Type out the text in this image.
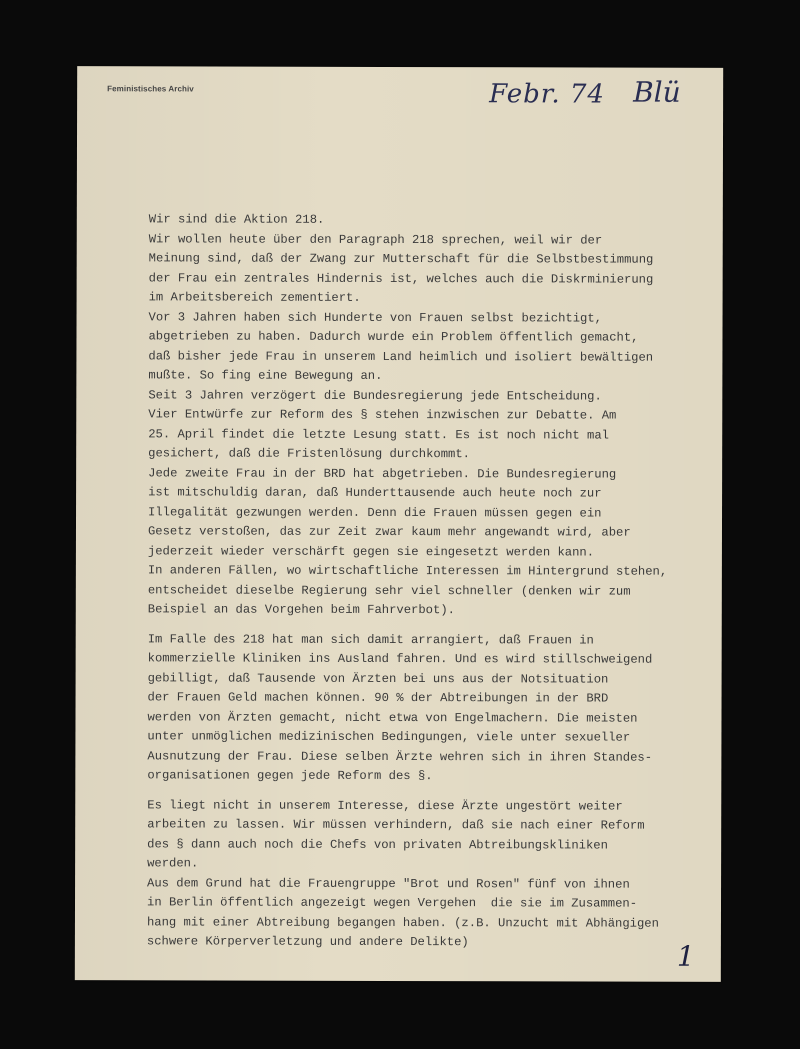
Feministisches Archiv	Febr. 74 Blü
Wir sind die Aktion 218.
Wir wollen heute über den Paragraph 218 sprechen, weil wir der
Meinung sind, daß der Zwang zur Mutterschaft für die Selbstbestimmung
der Frau ein zentrales Hindernis ist, welches auch die Diskrminierung
im Arbeitsbereich zementiert.
Vor 3 Jahren haben sich Hunderte von Frauen selbst bezichtigt,
abgetrieben zu haben. Dadurch wurde ein Problem öffentlich gemacht,
daß bisher jede Frau in unserem Land heimlich und isoliert bewältigen
mußte. So fing eine Bewegung an.
Seit 3 Jahren verzögert die Bundesregierung jede Entscheidung.
Vier Entwürfe zur Reform des § stehen inzwischen zur Debatte. Am
25. April findet die letzte Lesung statt. Es ist noch nicht mal
gesichert, daß die Fristenlösung durchkommt.
Jede zweite Frau in der BRD hat abgetrieben. Die Bundesregierung
ist mitschuldig daran, daß Hunderttausende auch heute noch zur
Illegalität gezwungen werden. Denn die Frauen müssen gegen ein
Gesetz verstoßen, das zur Zeit zwar kaum mehr angewandt wird, aber
jederzeit wieder verschärft gegen sie eingesetzt werden kann.
In anderen Fällen, wo wirtschaftliche Interessen im Hintergrund stehen,
entscheidet dieselbe Regierung sehr viel schneller (denken wir zum
Beispiel an das Vorgehen beim Fahrverbot).
Im Falle des 218 hat man sich damit arrangiert, daß Frauen in
kommerzielle Kliniken ins Ausland fahren. Und es wird stillschweigend
gebilligt, daß Tausende von Ärzten bei uns aus der Notsituation
der Frauen Geld machen können. 90 % der Abtreibungen in der BRD
werden von Ärzten gemacht, nicht etwa von Engelmachern. Die meisten
unter unmöglichen medizinischen Bedingungen, viele unter sexueller
Ausnutzung der Frau. Diese selben Ärzte wehren sich in ihren Standes-
organisationen gegen jede Reform des §.
Es liegt nicht in unserem Interesse, diese Ärzte ungestört weiter
arbeiten zu lassen. Wir müssen verhindern, daß sie nach einer Reform
des § dann auch noch die Chefs von privaten Abtreibungskliniken
werden.
Aus dem Grund hat die Frauengruppe "Brot und Rosen" fünf von ihnen
in Berlin öffentlich angezeigt wegen Vergehen  die sie im Zusammen-
hang mit einer Abtreibung begangen haben. (z.B. Unzucht mit Abhängigen
schwere Körperverletzung und andere Delikte)	1
